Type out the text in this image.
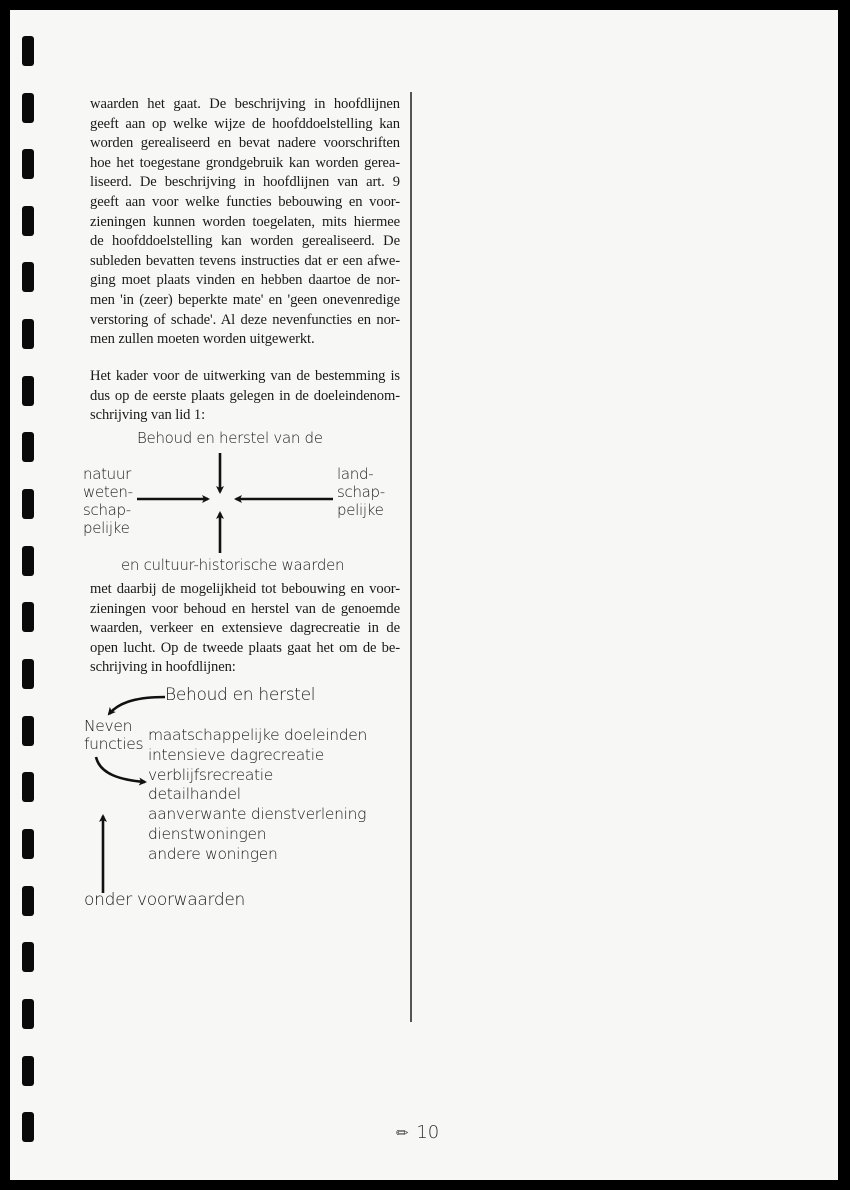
waarden het gaat. De beschrijving in hoofdlijnen
geeft aan op welke wijze de hoofddoelstelling kan
worden gerealiseerd en bevat nadere voorschriften
hoe het toegestane grondgebruik kan worden gerea-
liseerd. De beschrijving in hoofdlijnen van art. 9
geeft aan voor welke functies bebouwing en voor-
zieningen kunnen worden toegelaten, mits hiermee
de hoofddoelstelling kan worden gerealiseerd. De
subleden bevatten tevens instructies dat er een afwe-
ging moet plaats vinden en hebben daartoe de nor-
men 'in (zeer) beperkte mate' en 'geen onevenredige
verstoring of schade'. Al deze nevenfuncties en nor-
men zullen moeten worden uitgewerkt.
Het kader voor de uitwerking van de bestemming is
dus op de eerste plaats gelegen in de doeleindenom-
schrijving van lid 1:
Behoud en herstel van de
natuur
weten-
schap-
pelijke
land-
schap-
pelijke
en cultuur-historische waarden
met daarbij de mogelijkheid tot bebouwing en voor-
zieningen voor behoud en herstel van de genoemde
waarden, verkeer en extensieve dagrecreatie in de
open lucht. Op de tweede plaats gaat het om de be-
schrijving in hoofdlijnen:
Behoud en herstel
Neven
functies maatschappelijke doeleinden
intensieve dagrecreatie
verblijfsrecreatie
detailhandel
aanverwante dienstverlening
dienstwoningen
andere woningen
onder voorwaarden
✏ 10
